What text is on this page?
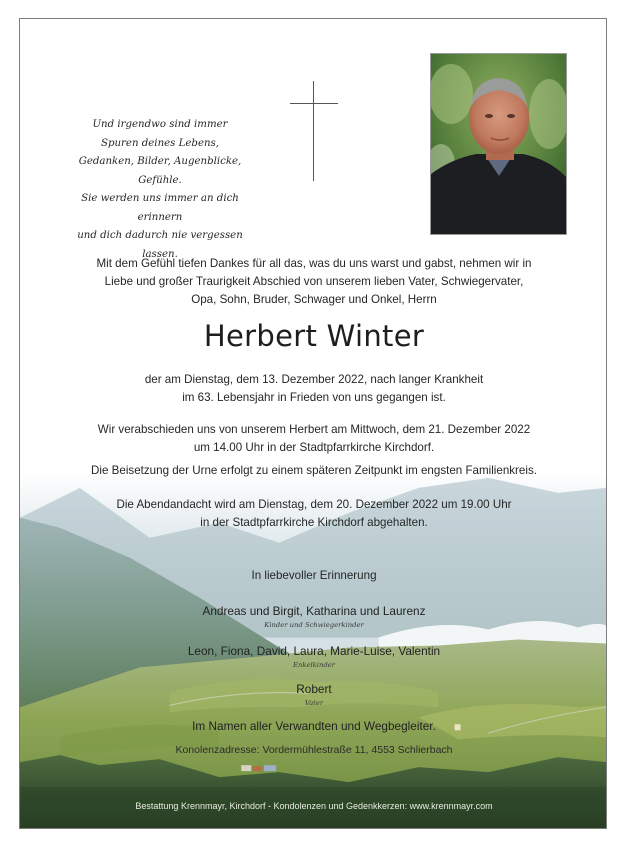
Und irgendwo sind immer
Spuren deines Lebens,
Gedanken, Bilder, Augenblicke, Gefühle.
Sie werden uns immer an dich erinnern
und dich dadurch nie vergessen lassen.
Mit dem Gefühl tiefen Dankes für all das, was du uns warst und gabst, nehmen wir in
Liebe und großer Traurigkeit Abschied von unserem lieben Vater, Schwiegervater,
Opa, Sohn, Bruder, Schwager und Onkel, Herrn
Herbert Winter
der am Dienstag, dem 13. Dezember 2022, nach langer Krankheit
im 63. Lebensjahr in Frieden von uns gegangen ist.
Wir verabschieden uns von unserem Herbert am Mittwoch, dem 21. Dezember 2022
um 14.00 Uhr in der Stadtpfarrkirche Kirchdorf.
Die Beisetzung der Urne erfolgt zu einem späteren Zeitpunkt im engsten Familienkreis.
Die Abendandacht wird am Dienstag, dem 20. Dezember 2022 um 19.00 Uhr
in der Stadtpfarrkirche Kirchdorf abgehalten.
In liebevoller Erinnerung
Andreas und Birgit, Katharina und Laurenz
Kinder und Schwiegerkinder
Leon, Fiona, David, Laura, Marie-Luise, Valentin
Enkelkinder
Robert
Vater
Im Namen aller Verwandten und Wegbegleiter.
Konolenzadresse: Vordermühlestraße 11, 4553 Schlierbach
Bestattung Krennmayr, Kirchdorf - Kondolenzen und Gedenkkerzen: www.krennmayr.com
